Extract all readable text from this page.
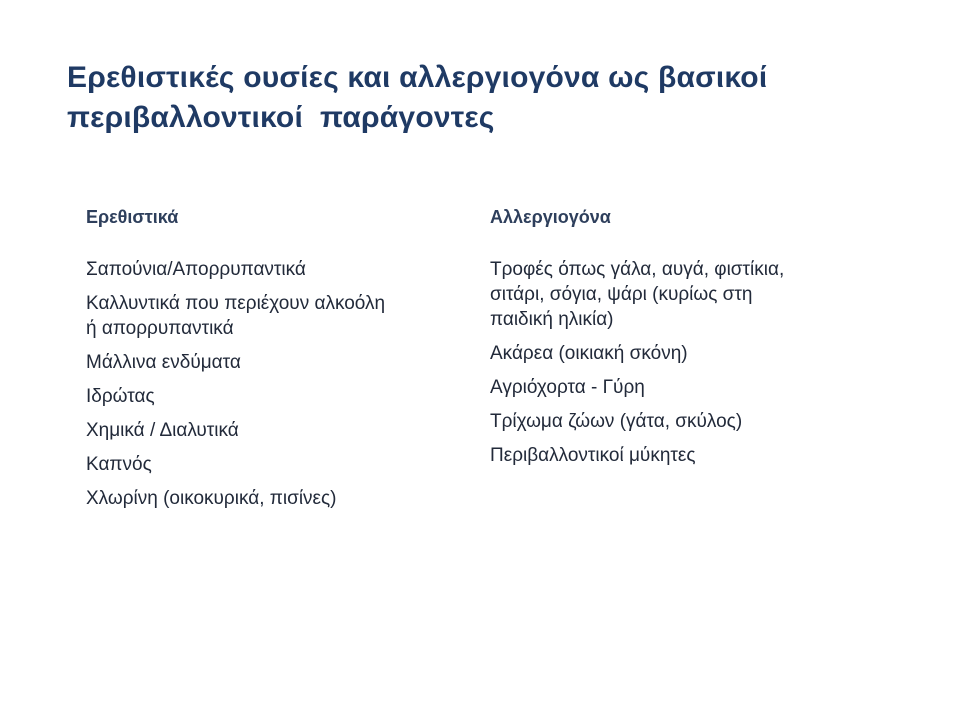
Ερεθιστικές ουσίες και αλλεργιογόνα ως βασικοί
περιβαλλοντικοί  παράγοντες
Ερεθιστικά
Σαπούνια/Απορρυπαντικά
Καλλυντικά που περιέχουν αλκοόλη
ή απορρυπαντικά
Μάλλινα ενδύματα
Ιδρώτας
Χημικά / Διαλυτικά
Καπνός
Χλωρίνη (οικοκυρικά, πισίνες)
Αλλεργιογόνα
Τροφές όπως γάλα, αυγά, φιστίκια,
σιτάρι, σόγια, ψάρι (κυρίως στη
παιδική ηλικία)
Ακάρεα (οικιακή σκόνη)
Αγριόχορτα - Γύρη
Τρίχωμα ζώων (γάτα, σκύλος)
Περιβαλλοντικοί μύκητες
